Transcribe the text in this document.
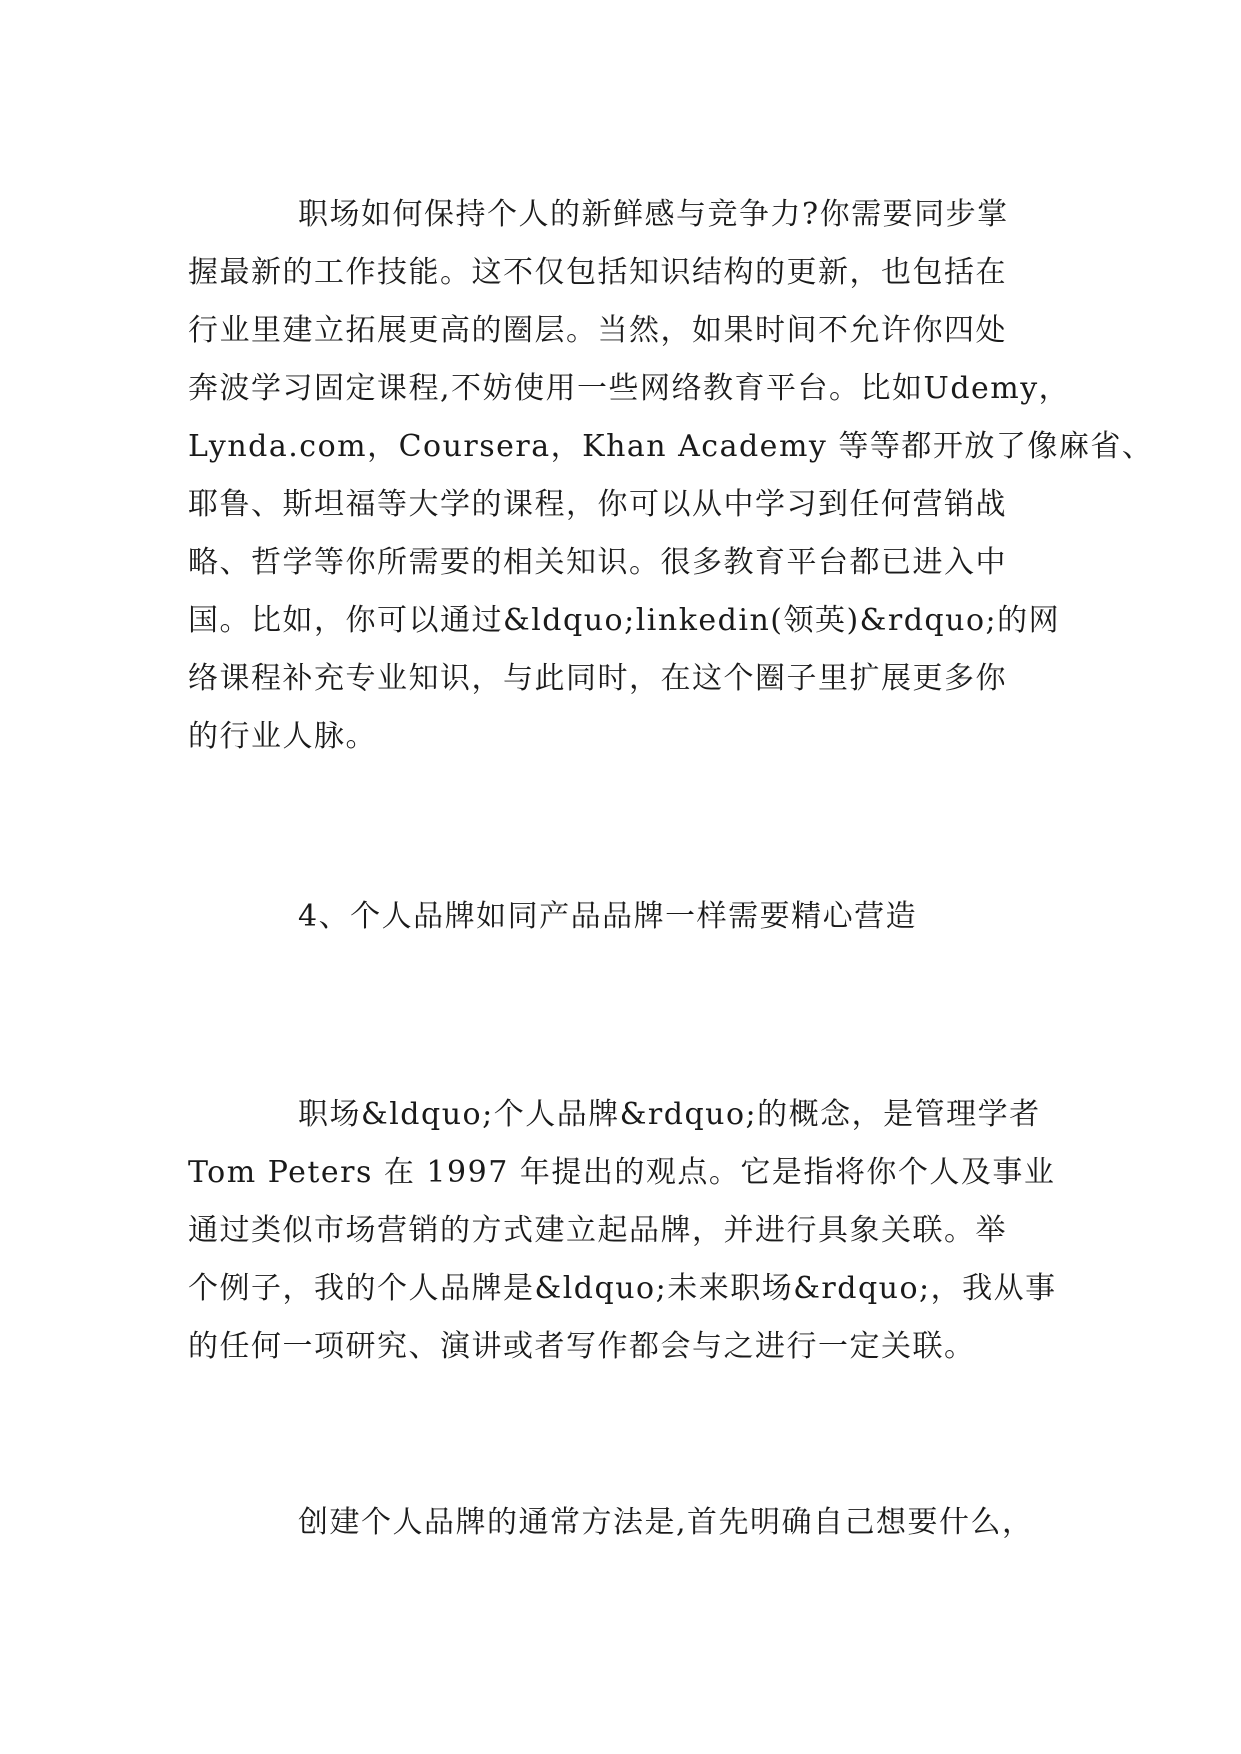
职场如何保持个人的新鲜感与竞争力?你需要同步掌
握最新的工作技能。这不仅包括知识结构的更新，也包括在
行业里建立拓展更高的圈层。当然，如果时间不允许你四处
奔波学习固定课程,不妨使用一些网络教育平台。比如Udemy，
Lynda.com，Coursera，Khan Academy 等等都开放了像麻省、
耶鲁、斯坦福等大学的课程，你可以从中学习到任何营销战
略、哲学等你所需要的相关知识。很多教育平台都已进入中
国。比如，你可以通过&ldquo;linkedin(领英)&rdquo;的网
络课程补充专业知识，与此同时，在这个圈子里扩展更多你
的行业人脉。
4、个人品牌如同产品品牌一样需要精心营造
职场&ldquo;个人品牌&rdquo;的概念，是管理学者
Tom Peters 在 1997 年提出的观点。它是指将你个人及事业
通过类似市场营销的方式建立起品牌，并进行具象关联。举
个例子，我的个人品牌是&ldquo;未来职场&rdquo;，我从事
的任何一项研究、演讲或者写作都会与之进行一定关联。
创建个人品牌的通常方法是,首先明确自己想要什么，
